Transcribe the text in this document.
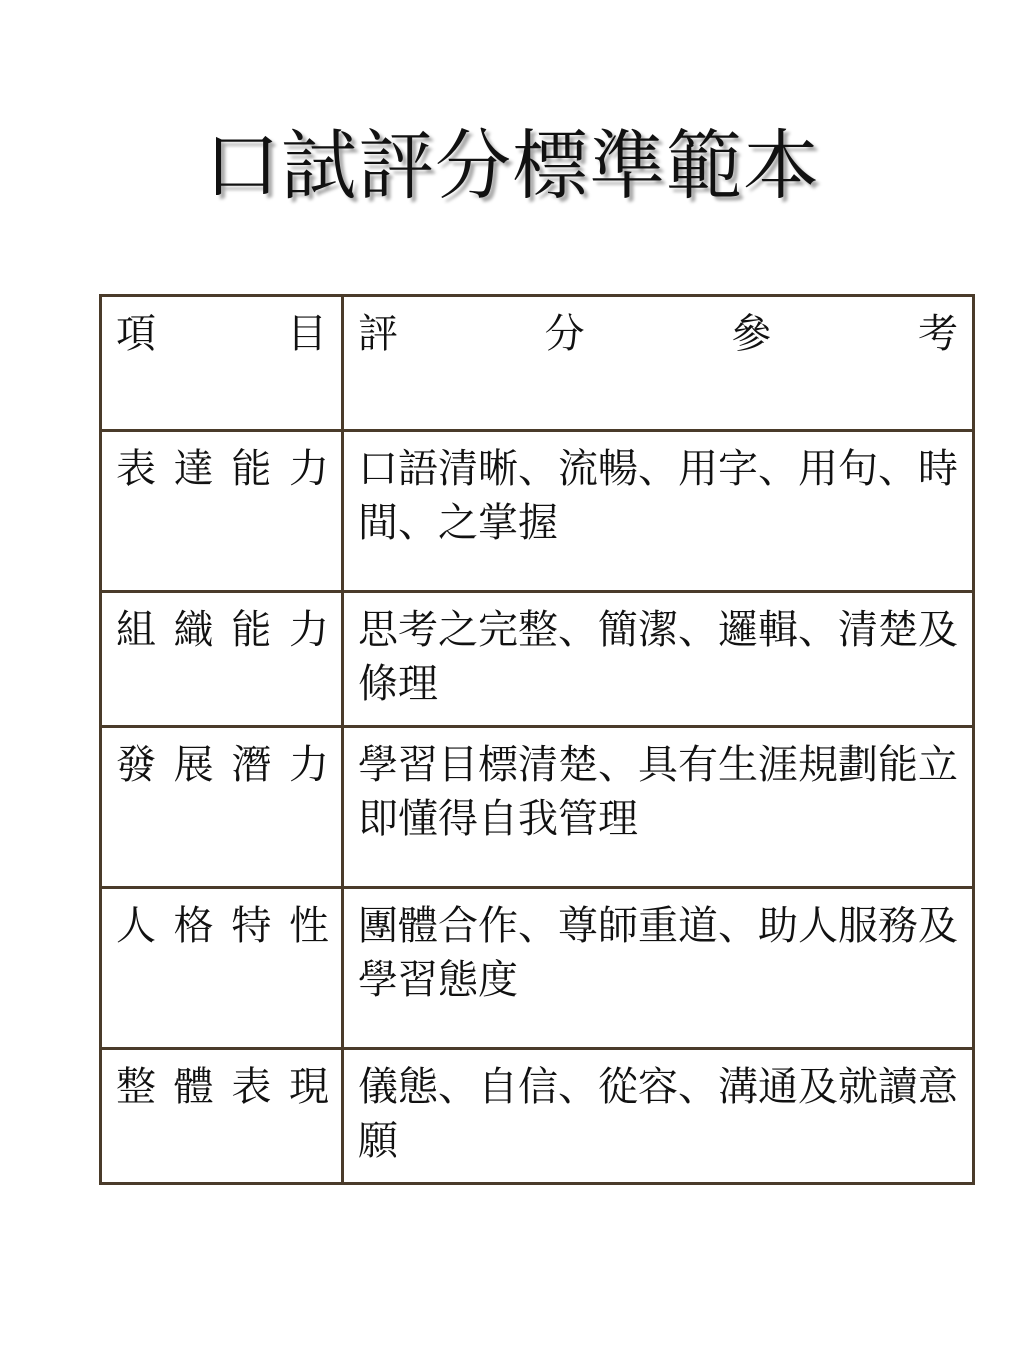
口試評分標準範本
項 目	評 分 參 考

表 達 能 力	口語清晰、流暢、用字、用句、時間、之掌握

組 織 能 力	思考之完整、簡潔、邏輯、清楚及條理

發 展 潛 力	學習目標清楚、具有生涯規劃能立即懂得自我管理

人 格 特 性	團體合作、尊師重道、助人服務及學習態度

整 體 表 現	儀態、自信、從容、溝通及就讀意願
